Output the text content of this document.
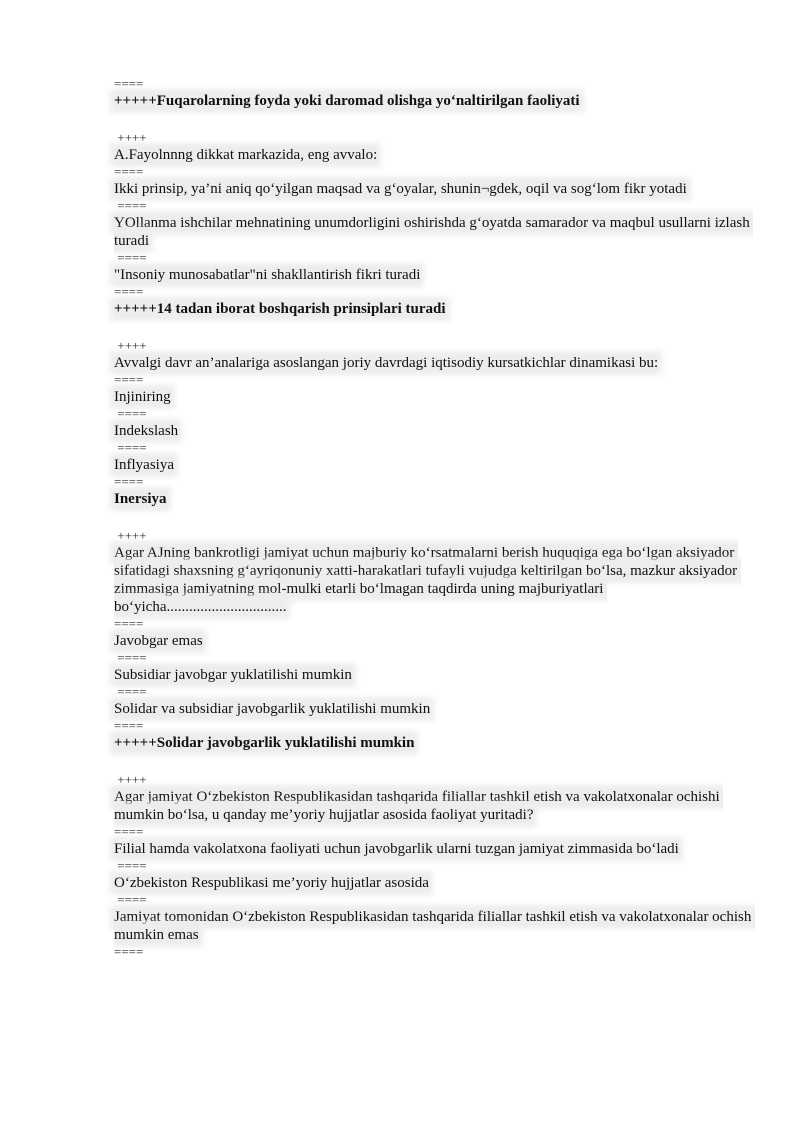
====
+++++Fuqarolarning foyda yoki daromad olishga yo‘naltirilgan faoliyati
++++
A.Fayolnnng dikkat markazida, eng avvalo:
====
Ikki prinsip, ya’ni aniq qo‘yilgan maqsad va g‘oyalar, shunin¬gdek, oqil va sog‘lom fikr yotadi
====
YOllanma ishchilar mehnatining unumdorligini oshirishda g‘oyatda samarador va maqbul usullarni izlash turadi
====
"Insoniy munosabatlar"ni shakllantirish fikri turadi
====
+++++14 tadan iborat boshqarish prinsiplari turadi
++++
Avvalgi davr an’analariga asoslangan joriy davrdagi iqtisodiy kursatkichlar dinamikasi bu:
====
Injiniring
====
Indekslash
====
Inflyasiya
====
Inersiya
++++
Agar AJning bankrotligi jamiyat uchun majburiy ko‘rsatmalarni berish huquqiga ega bo‘lgan aksiyador sifatidagi shaxsning g‘ayriqonuniy xatti-harakatlari tufayli vujudga keltirilgan bo‘lsa, mazkur aksiyador zimmasiga jamiyatning mol-mulki etarli bo‘lmagan taqdirda uning majburiyatlari bo‘yicha................................
====
Javobgar emas
====
Subsidiar javobgar yuklatilishi mumkin
====
Solidar va subsidiar javobgarlik yuklatilishi mumkin
====
+++++Solidar javobgarlik yuklatilishi mumkin
++++
Agar jamiyat O‘zbekiston Respublikasidan tashqarida filiallar tashkil etish va vakolatxonalar ochishi mumkin bo‘lsa, u qanday me’yoriy hujjatlar asosida faoliyat yuritadi?
====
Filial hamda vakolatxona faoliyati uchun javobgarlik ularni tuzgan jamiyat zimmasida bo‘ladi
====
O‘zbekiston Respublikasi me’yoriy hujjatlar asosida
====
Jamiyat tomonidan O‘zbekiston Respublikasidan tashqarida filiallar tashkil etish va vakolatxonalar ochish mumkin emas
====
